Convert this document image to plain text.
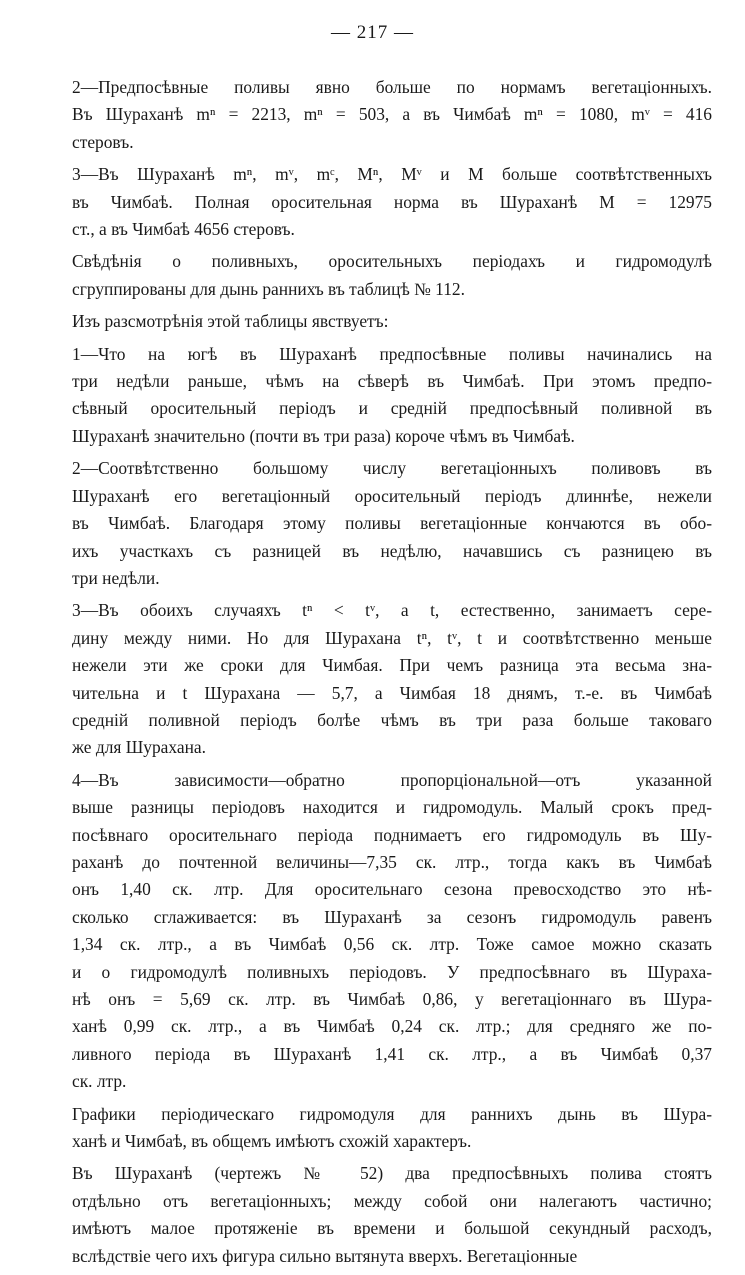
— 217 —
2—Предпосѣвные поливы явно больше по нормамъ вегетаціонныхъ.
Въ Шураханѣ mⁿ = 2213, mⁿ = 503, а въ Чимбаѣ mⁿ = 1080, mᵛ = 416
стеровъ.
3—Въ Шураханѣ mⁿ, mᵛ, mᶜ, Mⁿ, Mᵛ и M больше соотвѣтственныхъ
въ Чимбаѣ. Полная оросительная норма въ Шураханѣ M = 12975
ст., а въ Чимбаѣ 4656 стеровъ.
Свѣдѣнія о поливныхъ, оросительныхъ періодахъ и гидромодулѣ
сгруппированы для дынь раннихъ въ таблицѣ № 112.
Изъ разсмотрѣнія этой таблицы явствуетъ:
1—Что на югѣ въ Шураханѣ предпосѣвные поливы начинались на
три недѣли раньше, чѣмъ на сѣверѣ въ Чимбаѣ. При этомъ предпо-
сѣвный оросительный періодъ и средній предпосѣвный поливной въ
Шураханѣ значительно (почти въ три раза) короче чѣмъ въ Чимбаѣ.
2—Соотвѣтственно большому числу вегетаціонныхъ поливовъ въ
Шураханѣ его вегетаціонный оросительный періодъ длиннѣе, нежели
въ Чимбаѣ. Благодаря этому поливы вегетаціонные кончаются въ обо-
ихъ участкахъ съ разницей въ недѣлю, начавшись съ разницею въ
три недѣли.
3—Въ обоихъ случаяхъ tⁿ < tᵛ, а t, естественно, занимаетъ сере-
дину между ними. Но для Шурахана tⁿ, tᵛ, t и соотвѣтственно меньше
нежели эти же сроки для Чимбая. При чемъ разница эта весьма зна-
чительна и t Шурахана — 5,7, а Чимбая 18 днямъ, т.-е. въ Чимбаѣ
средній поливной періодъ болѣе чѣмъ въ три раза больше таковаго
же для Шурахана.
4—Въ зависимости—обратно пропорціональной—отъ указанной
выше разницы періодовъ находится и гидромодуль. Малый срокъ пред-
посѣвнаго оросительнаго періода поднимаетъ его гидромодуль въ Шу-
раханѣ до почтенной величины—7,35 ск. лтр., тогда какъ въ Чимбаѣ
онъ 1,40 ск. лтр. Для оросительнаго сезона превосходство это нѣ-
сколько сглаживается: въ Шураханѣ за сезонъ гидромодуль равенъ
1,34 ск. лтр., а въ Чимбаѣ 0,56 ск. лтр. Тоже самое можно сказать
и о гидромодулѣ поливныхъ періодовъ. У предпосѣвнаго въ Шураха-
нѣ онъ = 5,69 ск. лтр. въ Чимбаѣ 0,86, у вегетаціоннаго въ Шура-
ханѣ 0,99 ск. лтр., а въ Чимбаѣ 0,24 ск. лтр.; для средняго же по-
ливного періода въ Шураханѣ 1,41 ск. лтр., а въ Чимбаѣ 0,37
ск. лтр.
Графики періодическаго гидромодуля для раннихъ дынь въ Шура-
ханѣ и Чимбаѣ, въ общемъ имѣютъ схожій характеръ.
Въ Шураханѣ (чертежъ № 52) два предпосѣвныхъ полива стоятъ
отдѣльно отъ вегетаціонныхъ; между собой они налегаютъ частично;
имѣютъ малое протяженіе въ времени и большой секундный расходъ,
вслѣдствіе чего ихъ фигура сильно вытянута вверхъ. Вегетаціонные
